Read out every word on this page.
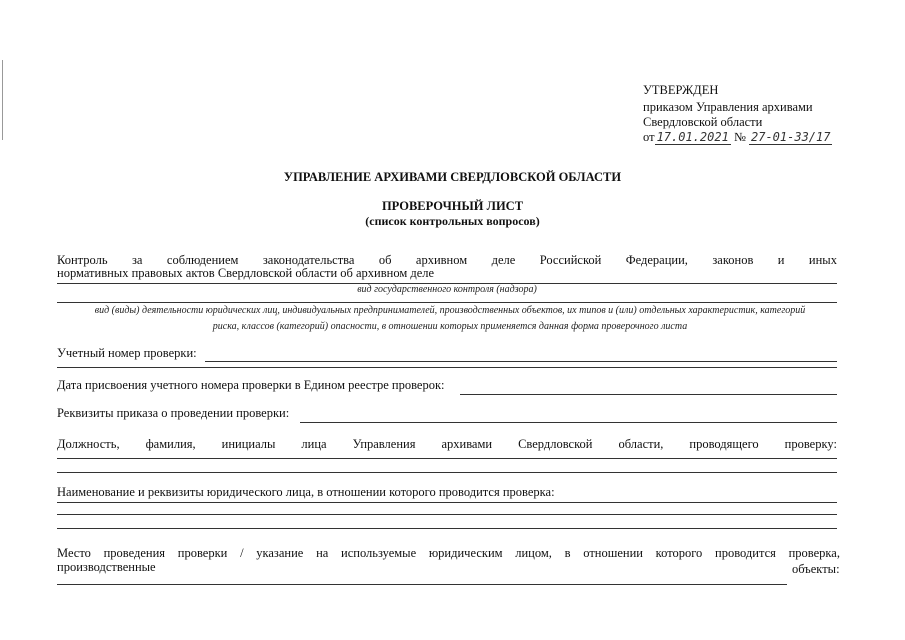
УТВЕРЖДЕН
приказом Управления архивами
Свердловской области
от 17.01.2021 № 27-01-33/17
УПРАВЛЕНИЕ АРХИВАМИ СВЕРДЛОВСКОЙ ОБЛАСТИ
ПРОВЕРОЧНЫЙ ЛИСТ
(список контрольных вопросов)
Контроль за соблюдением законодательства об архивном деле Российской Федерации, законов и иных
нормативных правовых актов Свердловской области об архивном деле
вид государственного контроля (надзора)
вид (виды) деятельности юридических лиц, индивидуальных предпринимателей, производственных объектов, их типов и (или) отдельных характеристик, категорий
риска, классов (категорий) опасности, в отношении которых применяется данная форма проверочного листа
Учетный номер проверки:
Дата присвоения учетного номера проверки в Едином реестре проверок:
Реквизиты приказа о проведении проверки:
Должность, фамилия, инициалы лица Управления архивами Свердловской области, проводящего проверку:
Наименование и реквизиты юридического лица, в отношении которого проводится проверка:
Место проведения проверки / указание на используемые юридическим лицом, в отношении которого проводится проверка,
производственные	объекты:
